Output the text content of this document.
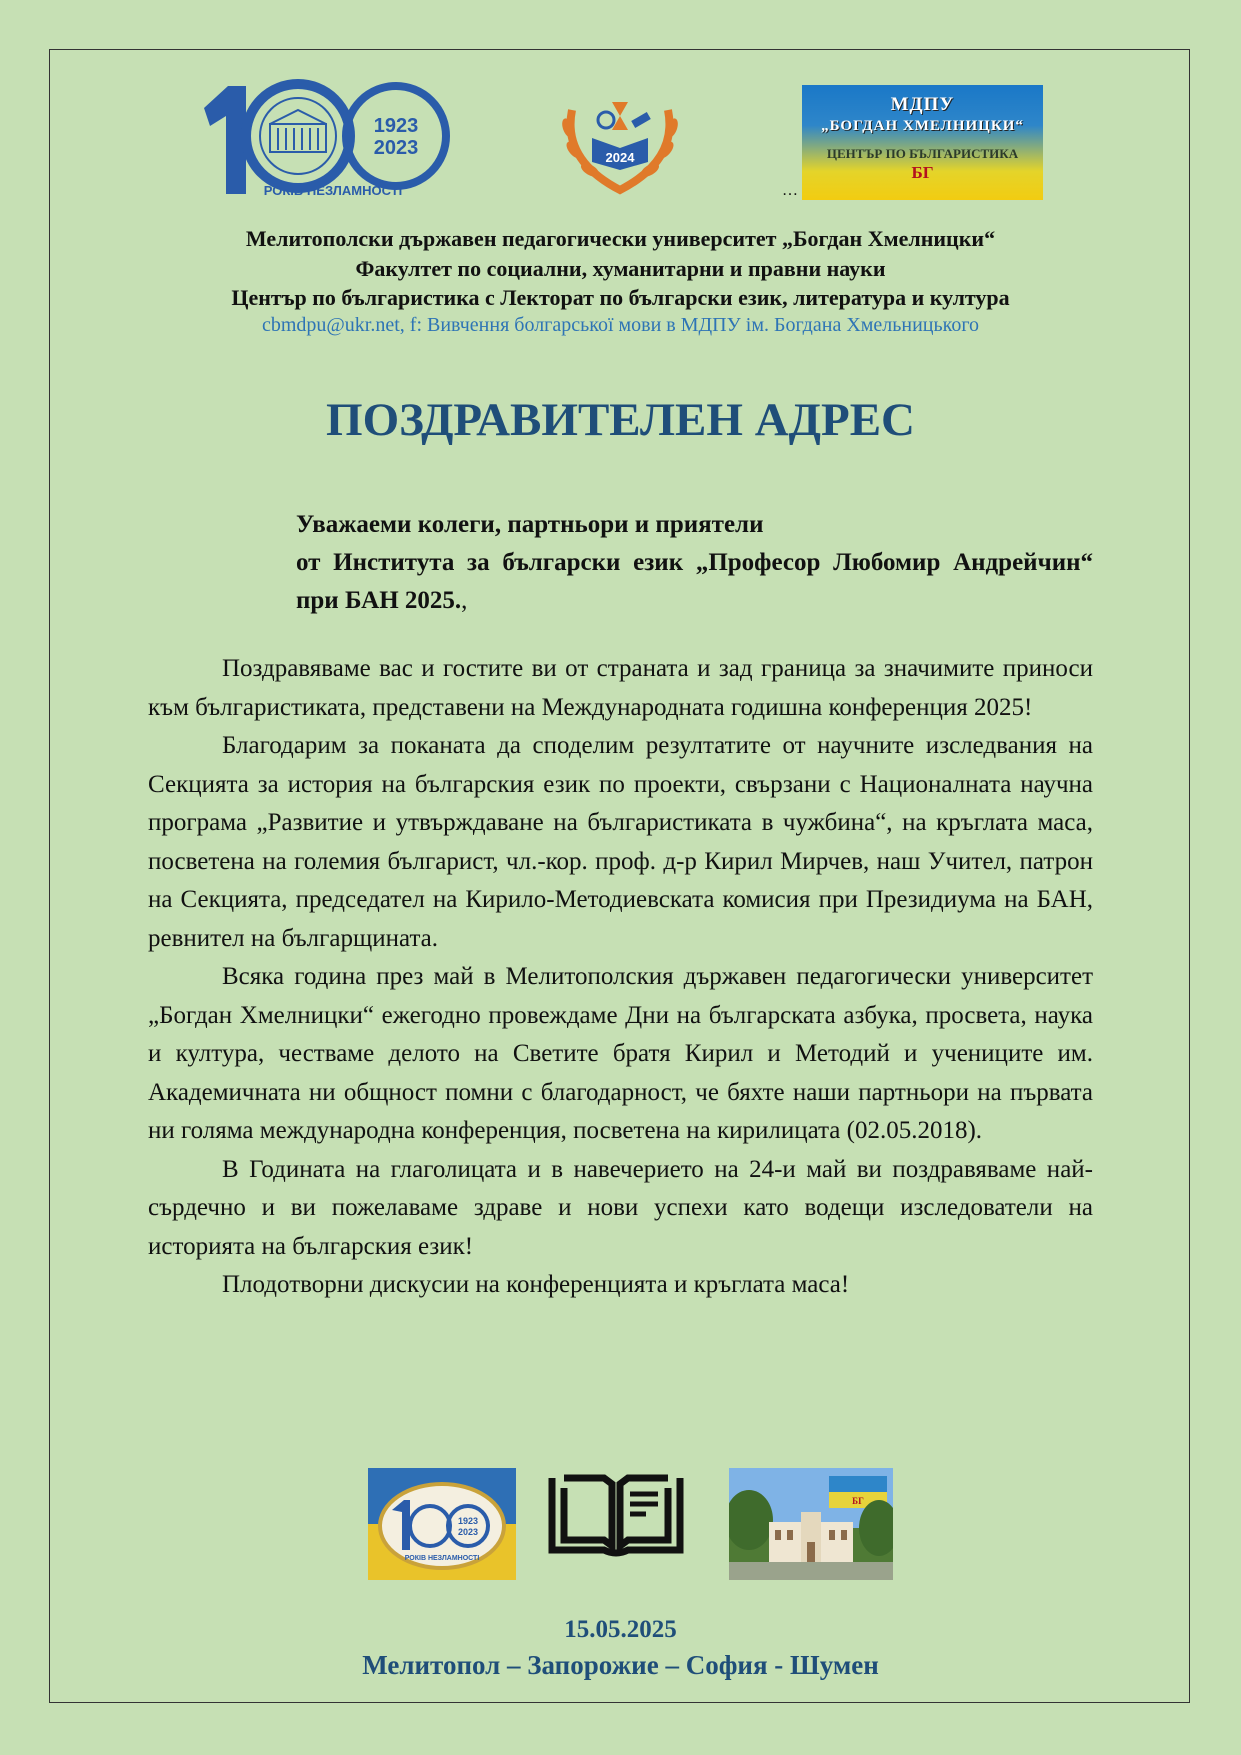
1923
2023
РОКІВ НЕЗЛАМНОСТІ
2024
МДПУ
„БОГДАН ХМЕЛНИЦКИ“
ЦЕНТЪР ПО БЪЛГАРИСТИКА
БГ
…
Мелитополски държавен педагогически университет „Богдан Хмелницки“
Факултет по социални, хуманитарни и правни науки
Център по българистика с Лекторат по български език, литература и култура
cbmdpu@ukr.net, f: Вивчення болгарської мови в МДПУ ім. Богдана Хмельницького
ПОЗДРАВИТЕЛЕН АДРЕС
Уважаеми колеги, партньори и приятели
от Института за български език „Професор Любомир Андрейчин“ при БАН 2025.,

Поздравяваме вас и гостите ви от страната и зад граница за значимите приноси към българистиката, представени на Международната годишна конференция 2025!

Благодарим за поканата да споделим резултатите от научните изследвания на Секцията за история на българския език по проекти, свързани с Националната научна програма „Развитие и утвърждаване на българистиката в чужбина“, на кръглата маса, посветена на големия българист, чл.-кор. проф. д-р Кирил Мирчев, наш Учител, патрон на Секцията, председател на Кирило-Методиевската комисия при Президиума на БАН, ревнител на българщината.

Всяка година през май в Мелитополския държавен педагогически университет „Богдан Хмелницки“ ежегодно провеждаме Дни на българската азбука, просвета, наука и култура, честваме делото на Светите братя Кирил и Методий и учениците им. Академичната ни общност помни с благодарност, че бяхте наши партньори на първата ни голяма международна конференция, посветена на кирилицата (02.05.2018).

В Годината на глаголицата и в навечерието на 24-и май ви поздравяваме най-сърдечно и ви пожелаваме здраве и нови успехи като водещи изследователи на историята на българския език!

Плодотворни дискусии на конференцията и кръглата маса!

1923
2023
РОКІВ НЕЗЛАМНОСТІ
БГ
15.05.2025
Мелитопол – Запорожие – София - Шумен
